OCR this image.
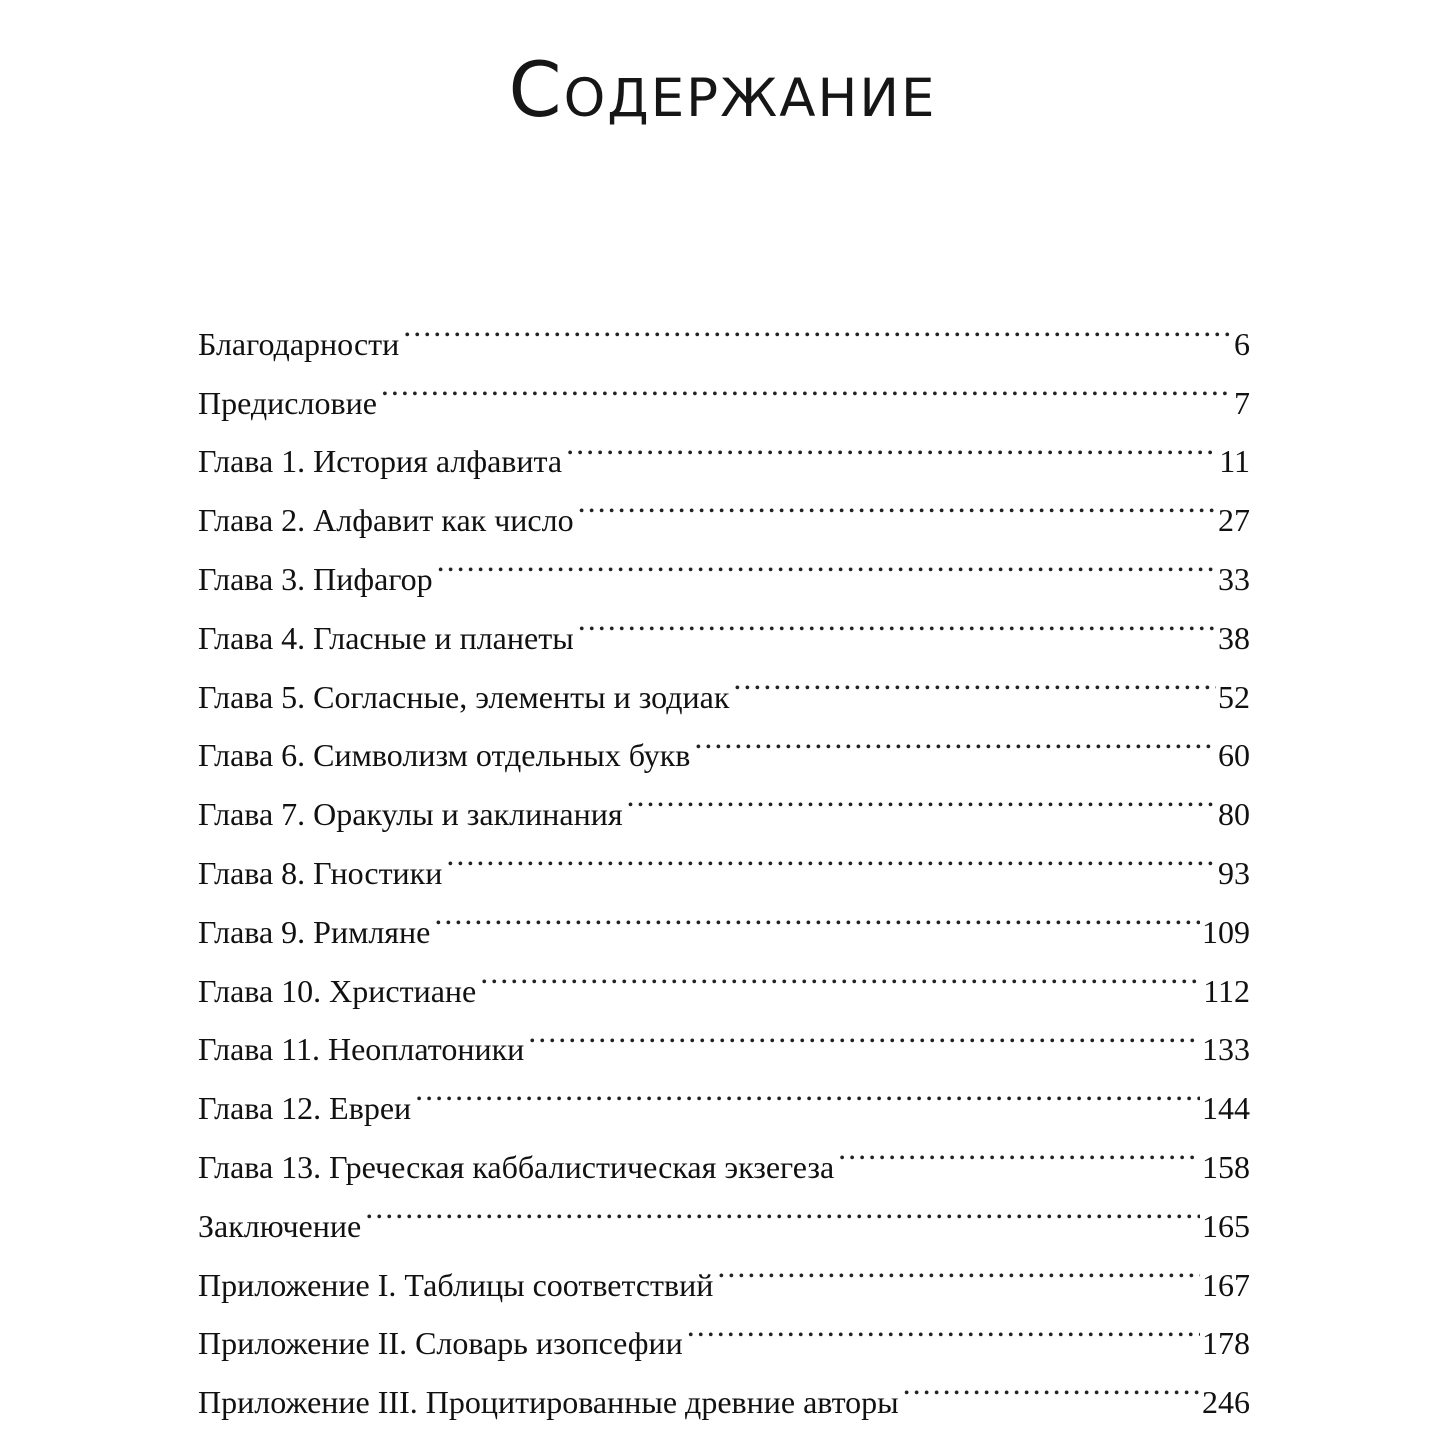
Содержание
Благодарности . . .	6
Предисловие . . .	7
Глава 1. История алфавита . . .	11
Глава 2. Алфавит как число . . .	27
Глава 3. Пифагор . . .	33
Глава 4. Гласные и планеты . . .	38
Глава 5. Согласные, элементы и зодиак . . .	52
Глава 6. Символизм отдельных букв . . .	60
Глава 7. Оракулы и заклинания . . .	80
Глава 8. Гностики . . .	93
Глава 9. Римляне . . .	109
Глава 10. Христиане . . .	112
Глава 11. Неоплатоники . . .	133
Глава 12. Евреи . . .	144
Глава 13. Греческая каббалистическая экзегеза . . .	158
Заключение . . .	165
Приложение I. Таблицы соответствий . . .	167
Приложение II. Словарь изопсефии . . .	178
Приложение III. Процитированные древние авторы . . .	246
